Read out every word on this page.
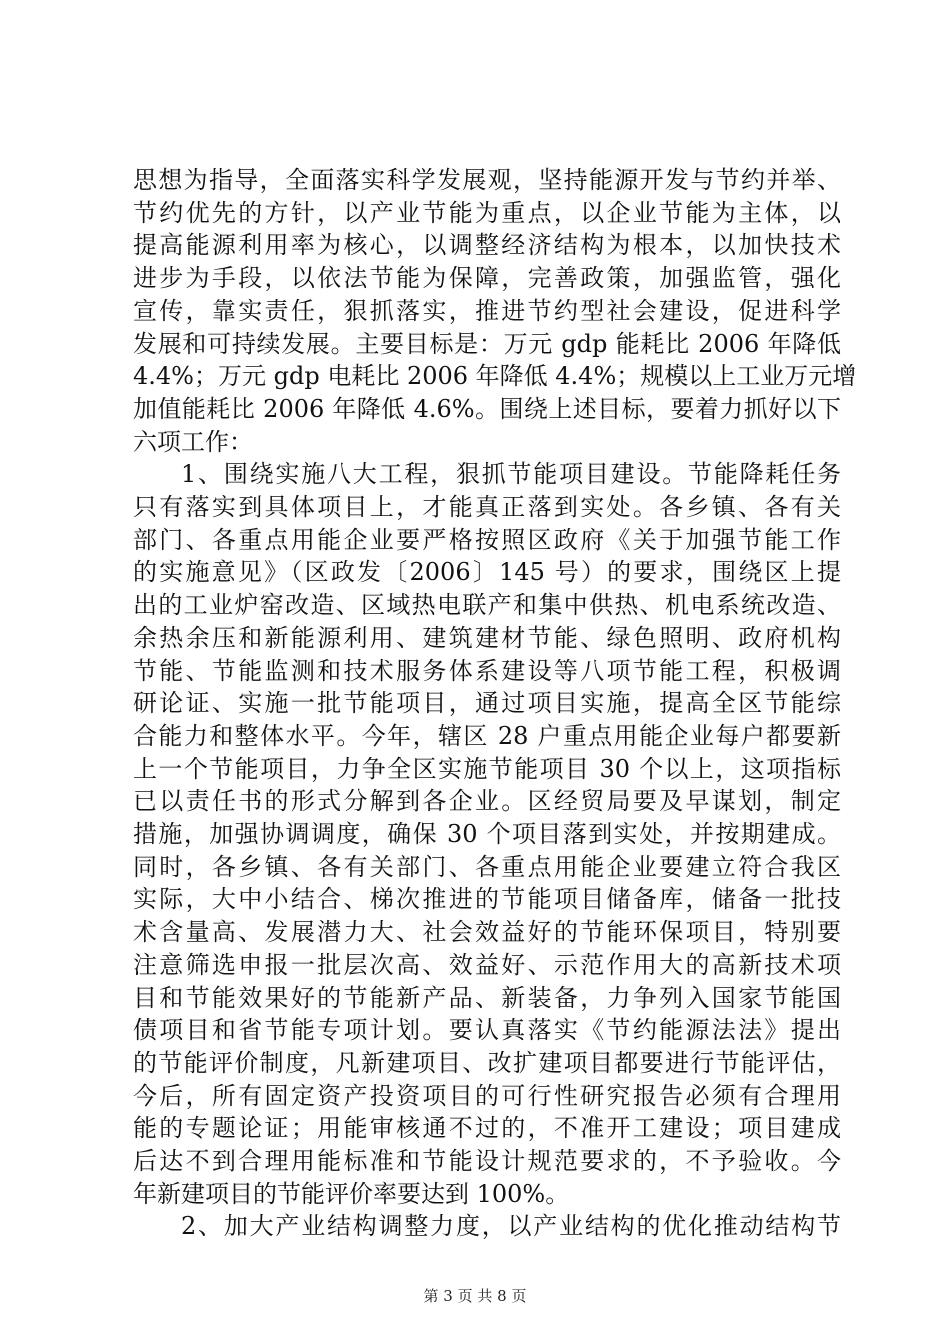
思想为指导，全面落实科学发展观，坚持能源开发与节约并举、
节约优先的方针，以产业节能为重点，以企业节能为主体，以
提高能源利用率为核心，以调整经济结构为根本，以加快技术
进步为手段，以依法节能为保障，完善政策，加强监管，强化
宣传，靠实责任，狠抓落实，推进节约型社会建设，促进科学
发展和可持续发展。主要目标是：万元 gdp 能耗比 2006 年降低
4.4%；万元 gdp 电耗比 2006 年降低 4.4%；规模以上工业万元增
加值能耗比 2006 年降低 4.6%。围绕上述目标，要着力抓好以下
六项工作：
1、围绕实施八大工程，狠抓节能项目建设。节能降耗任务
只有落实到具体项目上，才能真正落到实处。各乡镇、各有关
部门、各重点用能企业要严格按照区政府《关于加强节能工作
的实施意见》（区政发〔2006〕145 号）的要求，围绕区上提
出的工业炉窑改造、区域热电联产和集中供热、机电系统改造、
余热余压和新能源利用、建筑建材节能、绿色照明、政府机构
节能、节能监测和技术服务体系建设等八项节能工程，积极调
研论证、实施一批节能项目，通过项目实施，提高全区节能综
合能力和整体水平。今年，辖区 28 户重点用能企业每户都要新
上一个节能项目，力争全区实施节能项目 30 个以上，这项指标
已以责任书的形式分解到各企业。区经贸局要及早谋划，制定
措施，加强协调调度，确保 30 个项目落到实处，并按期建成。
同时，各乡镇、各有关部门、各重点用能企业要建立符合我区
实际，大中小结合、梯次推进的节能项目储备库，储备一批技
术含量高、发展潜力大、社会效益好的节能环保项目，特别要
注意筛选申报一批层次高、效益好、示范作用大的高新技术项
目和节能效果好的节能新产品、新装备，力争列入国家节能国
债项目和省节能专项计划。要认真落实《节约能源法法》提出
的节能评价制度，凡新建项目、改扩建项目都要进行节能评估，
今后，所有固定资产投资项目的可行性研究报告必须有合理用
能的专题论证；用能审核通不过的，不准开工建设；项目建成
后达不到合理用能标准和节能设计规范要求的，不予验收。今
年新建项目的节能评价率要达到 100%。
2、加大产业结构调整力度，以产业结构的优化推动结构节
第 3 页 共 8 页
